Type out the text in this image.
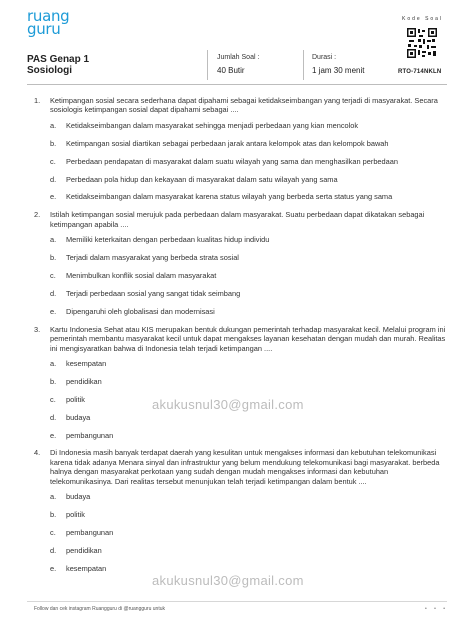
ruang
guru
Kode Soal
RTO-714NKLN
PAS Genap 1
Sosiologi
Jumlah Soal :
40 Butir
Durasi :
1 jam 30 menit
1. Ketimpangan sosial secara sederhana dapat dipahami sebagai ketidakseimbangan yang terjadi di masyarakat. Secara sosiologis ketimpangan sosial dapat dipahami sebagai ....
a. Ketidakseimbangan dalam masyarakat sehingga menjadi perbedaan yang kian mencolok
b. Ketimpangan sosial diartikan sebagai perbedaan jarak antara kelompok atas dan kelompok bawah
c. Perbedaan pendapatan di masyarakat dalam suatu wilayah yang sama dan menghasilkan perbedaan
d. Perbedaan pola hidup dan kekayaan di masyarakat dalam satu wilayah yang sama
e. Ketidakseimbangan dalam masyarakat karena status wilayah yang berbeda serta status yang sama
2. Istilah ketimpangan sosial merujuk pada perbedaan dalam masyarakat. Suatu perbedaan dapat dikatakan sebagai ketimpangan apabila ....
a. Memiliki keterkaitan dengan perbedaan kualitas hidup individu
b. Terjadi dalam masyarakat yang berbeda strata sosial
c. Menimbulkan konflik sosial dalam masyarakat
d. Terjadi perbedaan sosial yang sangat tidak seimbang
e. Dipengaruhi oleh globalisasi dan modernisasi
3. Kartu Indonesia Sehat atau KIS merupakan bentuk dukungan pemerintah terhadap masyarakat kecil. Melalui program ini pemerintah membantu masyarakat kecil untuk dapat mengakses layanan kesehatan dengan mudah dan murah. Realitas ini mengisyaratkan bahwa di Indonesia telah terjadi ketimpangan ....
a. kesempatan
b. pendidikan
c. politik
d. budaya
e. pembangunan
4. Di Indonesia masih banyak terdapat daerah yang kesulitan untuk mengakses informasi dan kebutuhan telekomunikasi karena tidak adanya Menara sinyal dan infrastruktur yang belum mendukung telekomunikasi bagi masyarakat. berbeda halnya dengan masyarakat perkotaan yang sudah dengan mudah mengakses informasi dan kebutuhan telekomunikasinya. Dari realitas tersebut menunjukan telah terjadi ketimpangan dalam bentuk ....
a. budaya
b. politik
c. pembangunan
d. pendidikan
e. kesempatan
akukusnul30@gmail.com
akukusnul30@gmail.com
Follow dan cek instagram Ruangguru di @ruangguru untuk	• • •
